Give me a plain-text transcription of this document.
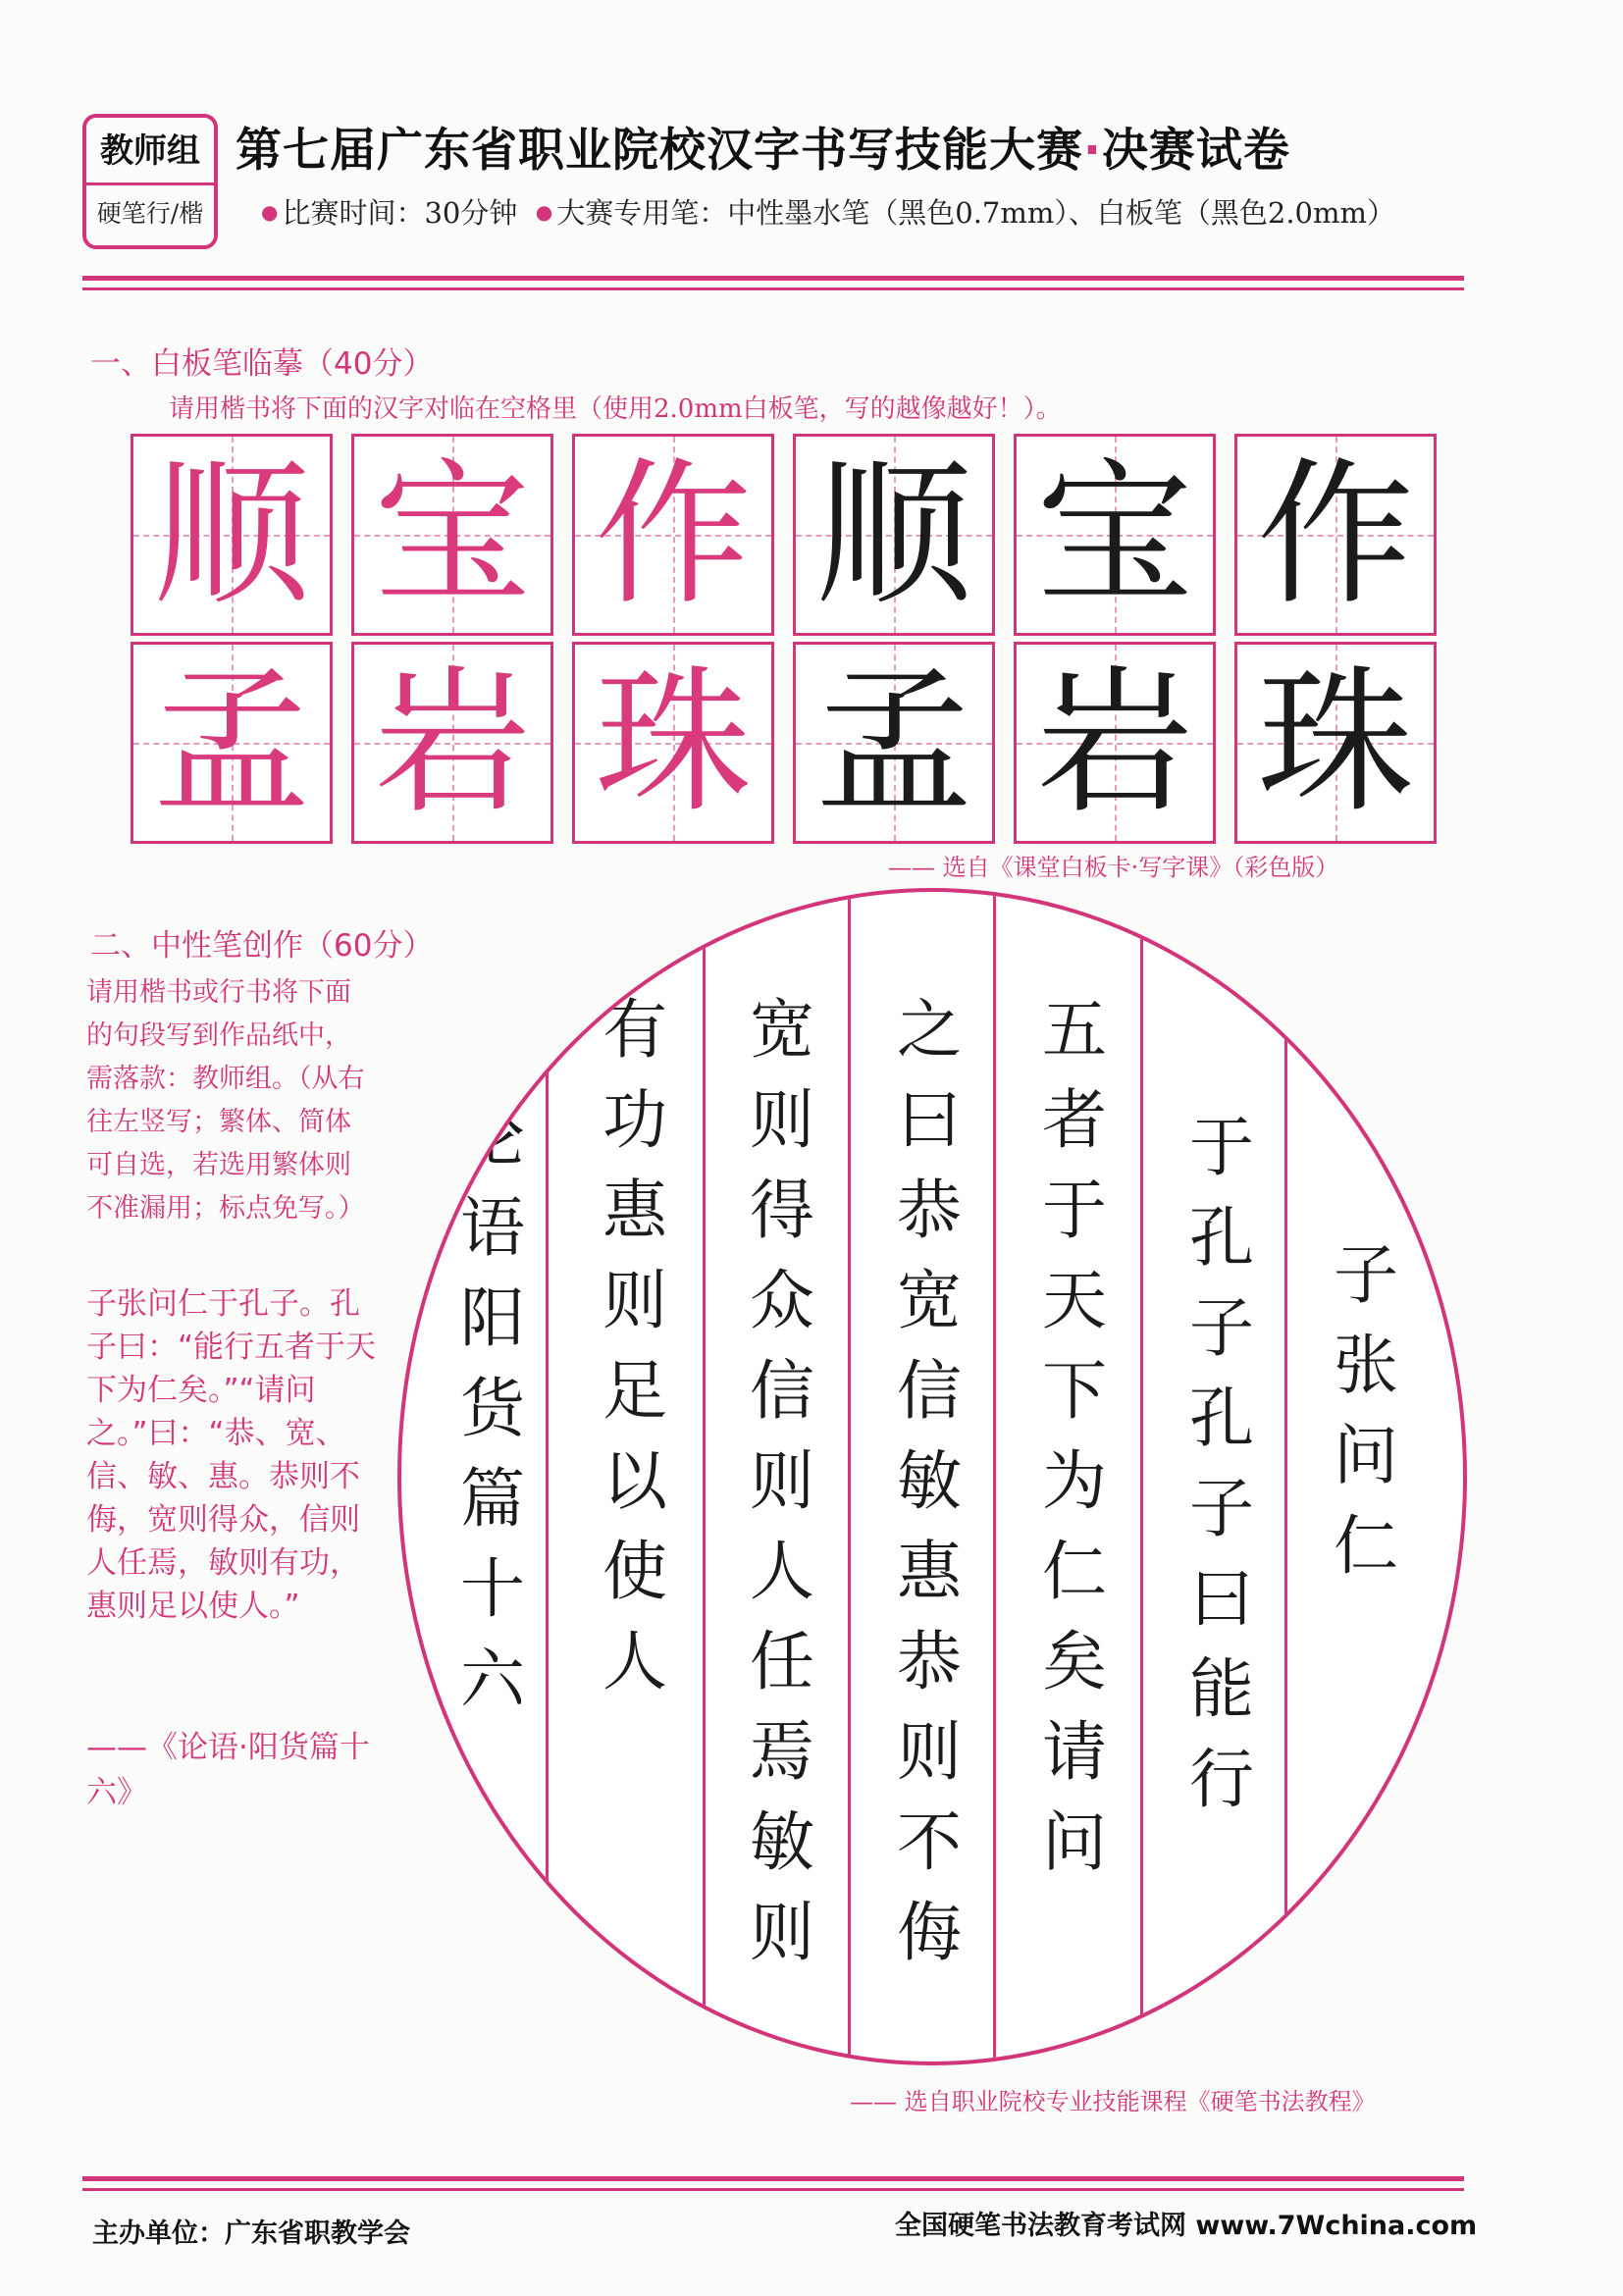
教师组
硬笔行/楷
第七届广东省职业院校汉字书写技能大赛·决赛试卷
● 比赛时间：30分钟 ● 大赛专用笔：中性墨水笔（黑色0.7mm）、白板笔（黑色2.0mm）
一、白板笔临摹（40分）
请用楷书将下面的汉字对临在空格里（使用2.0mm白板笔，写的越像越好！）。
顺 宝 作 顺 宝 作
孟 岩 珠 孟 岩 珠
—— 选自《课堂白板卡·写字课》（彩色版）
二、中性笔创作（60分）
请用楷书或行书将下面的句段写到作品纸中，需落款：教师组。（从右往左竖写；繁体、简体可自选，若选用繁体则不准漏用；标点免写。）
子张问仁于孔子。孔子曰：“能行五者于天下为仁矣。”“请问之。”曰：“恭、宽、信、敏、惠。恭则不侮，宽则得众，信则人任焉，敏则有功，惠则足以使人。”
——《论语·阳货篇十六》
子张问仁
于孔子孔子曰能行
五者于天下为仁矣请问
之曰恭宽信敏惠恭则不侮
宽则得众信则人任焉敏则
有功惠则足以使人
论语阳货篇十六
—— 选自职业院校专业技能课程《硬笔书法教程》
主办单位：广东省职教学会	全国硬笔书法教育考试网 www.7Wchina.com
